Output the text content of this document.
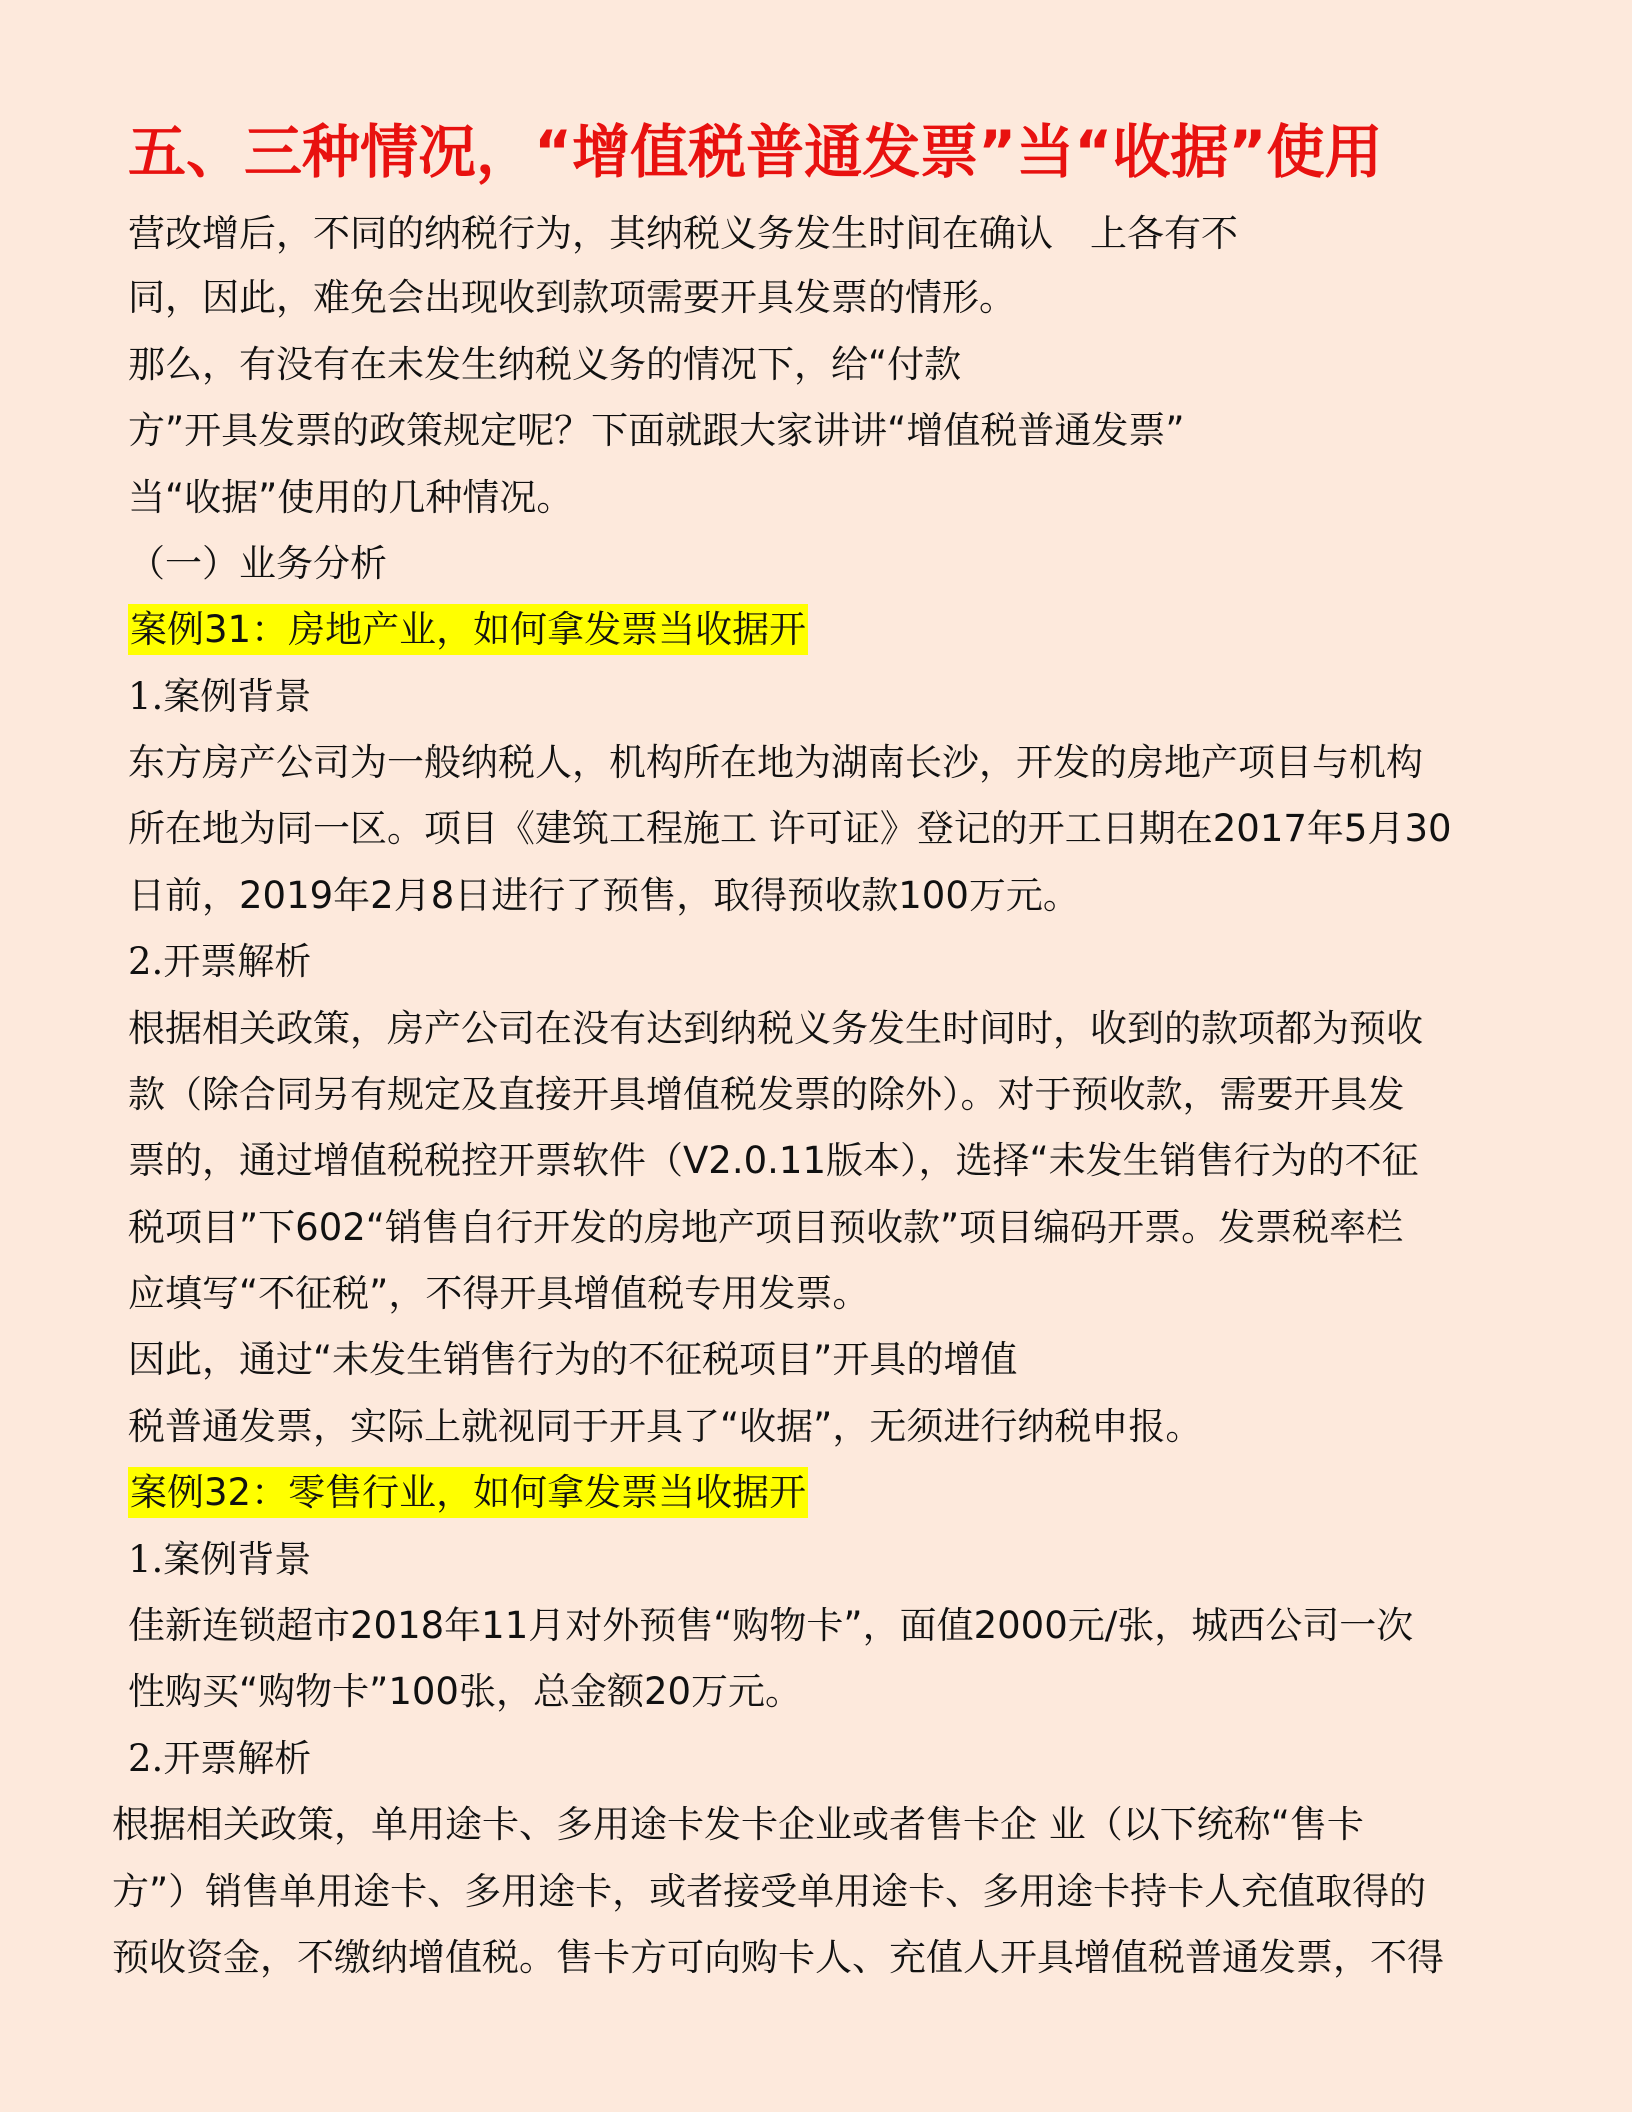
五、三种情况，“增值税普通发票”当“收据”使用
营改增后，不同的纳税行为，其纳税义务发生时间在确认　上各有不
同，因此，难免会出现收到款项需要开具发票的情形。
那么，有没有在未发生纳税义务的情况下，给“付款
方”开具发票的政策规定呢？下面就跟大家讲讲“增值税普通发票”
当“收据”使用的几种情况。
（一）业务分析
案例31：房地产业，如何拿发票当收据开
1.案例背景
东方房产公司为一般纳税人，机构所在地为湖南长沙，开发的房地产项目与机构
所在地为同一区。项目《建筑工程施工 许可证》登记的开工日期在2017年5月30
日前，2019年2月8日进行了预售，取得预收款100万元。
2.开票解析
根据相关政策，房产公司在没有达到纳税义务发生时间时，收到的款项都为预收
款（除合同另有规定及直接开具增值税发票的除外）。对于预收款，需要开具发
票的，通过增值税税控开票软件（V2.0.11版本），选择“未发生销售行为的不征
税项目”下602“销售自行开发的房地产项目预收款”项目编码开票。发票税率栏
应填写“不征税”，不得开具增值税专用发票。
因此，通过“未发生销售行为的不征税项目”开具的增值
税普通发票，实际上就视同于开具了“收据”，无须进行纳税申报。
案例32：零售行业，如何拿发票当收据开
1.案例背景
佳新连锁超市2018年11月对外预售“购物卡”，面值2000元/张，城西公司一次
性购买“购物卡”100张，总金额20万元。
2.开票解析
根据相关政策，单用途卡、多用途卡发卡企业或者售卡企 业（以下统称“售卡
方”）销售单用途卡、多用途卡，或者接受单用途卡、多用途卡持卡人充值取得的
预收资金，不缴纳增值税。售卡方可向购卡人、充值人开具增值税普通发票，不得
